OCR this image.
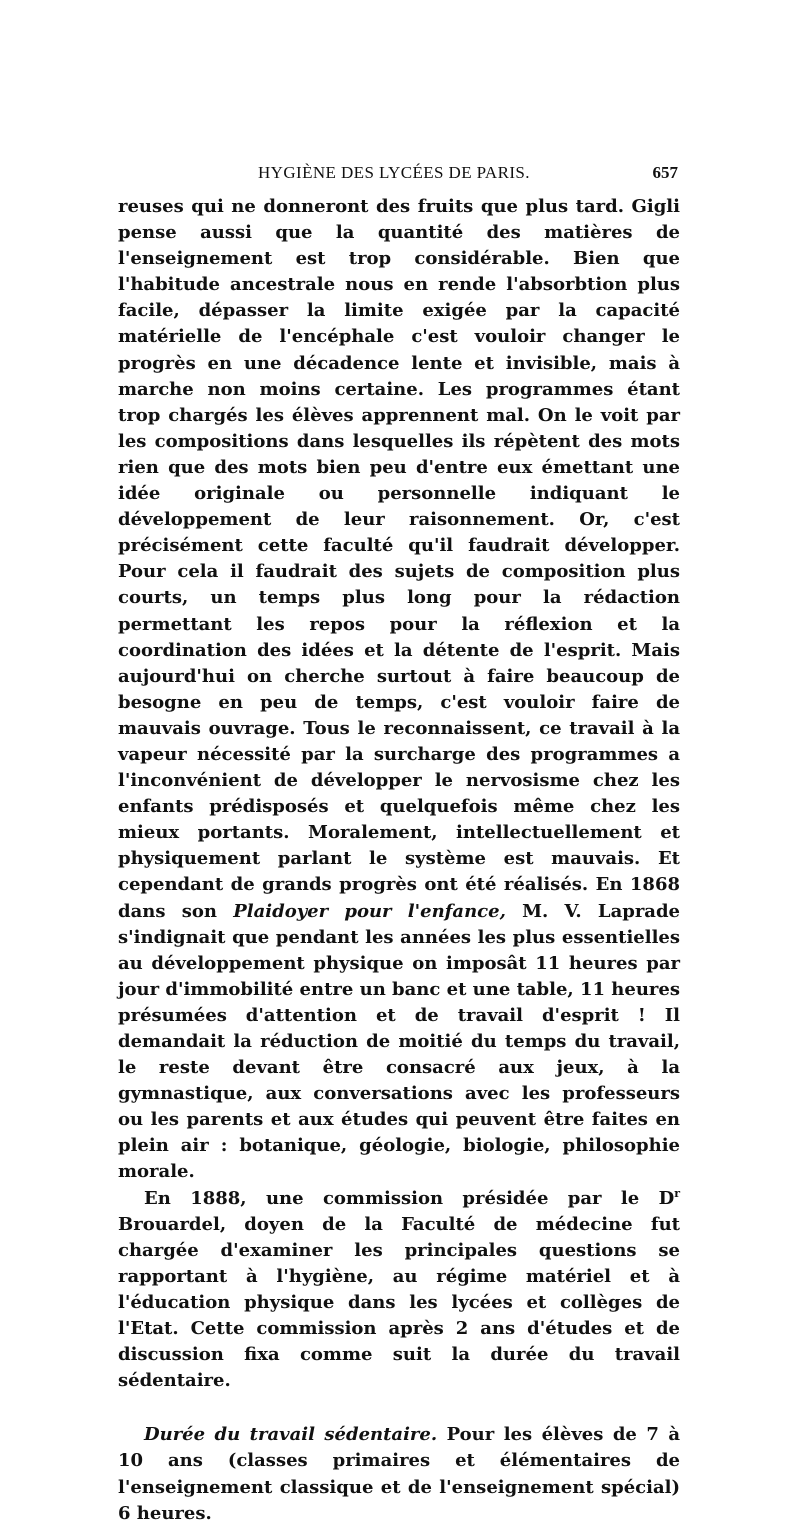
HYGIÈNE DES LYCÉES DE PARIS.	657

reuses qui ne donneront des fruits que plus tard. Gigli pense aussi que la quantité des matières de l'enseignement est trop considérable. Bien que l'habitude ancestrale nous en rende l'absorbtion plus facile, dépasser la limite exigée par la capacité matérielle de l'encéphale c'est vouloir changer le progrès en une décadence lente et invisible, mais à marche non moins certaine. Les programmes étant trop chargés les élèves apprennent mal. On le voit par les compositions dans lesquelles ils répètent des mots rien que des mots bien peu d'entre eux émettant une idée originale ou personnelle indiquant le développement de leur raisonnement. Or, c'est précisément cette faculté qu'il faudrait développer. Pour cela il faudrait des sujets de composition plus courts, un temps plus long pour la rédaction permettant les repos pour la réflexion et la coordination des idées et la détente de l'esprit. Mais aujourd'hui on cherche surtout à faire beaucoup de besogne en peu de temps, c'est vouloir faire de mauvais ouvrage. Tous le reconnaissent, ce travail à la vapeur nécessité par la surcharge des programmes a l'inconvénient de développer le nervosisme chez les enfants prédisposés et quelquefois même chez les mieux portants. Moralement, intellectuellement et physiquement parlant le système est mauvais. Et cependant de grands progrès ont été réalisés. En 1868 dans son Plaidoyer pour l'enfance, M. V. Laprade s'indignait que pendant les années les plus essentielles au développement physique on imposât 11 heures par jour d'immobilité entre un banc et une table, 11 heures présumées d'attention et de travail d'esprit ! Il demandait la réduction de moitié du temps du travail, le reste devant être consacré aux jeux, à la gymnastique, aux conversations avec les professeurs ou les parents et aux études qui peuvent être faites en plein air : botanique, géologie, biologie, philosophie morale.

En 1888, une commission présidée par le $D^r$ Brouardel, doyen de la Faculté de médecine fut chargée d'examiner les principales questions se rapportant à l'hygiène, au régime matériel et à l'éducation physique dans les lycées et collèges de l'Etat. Cette commission après 2 ans d'études et de discussion fixa comme suit la durée du travail sédentaire.

Durée du travail sédentaire. Pour les élèves de 7 à 10 ans (classes primaires et élémentaires de l'enseignement classique et de l'enseignement spécial) 6 heures.
